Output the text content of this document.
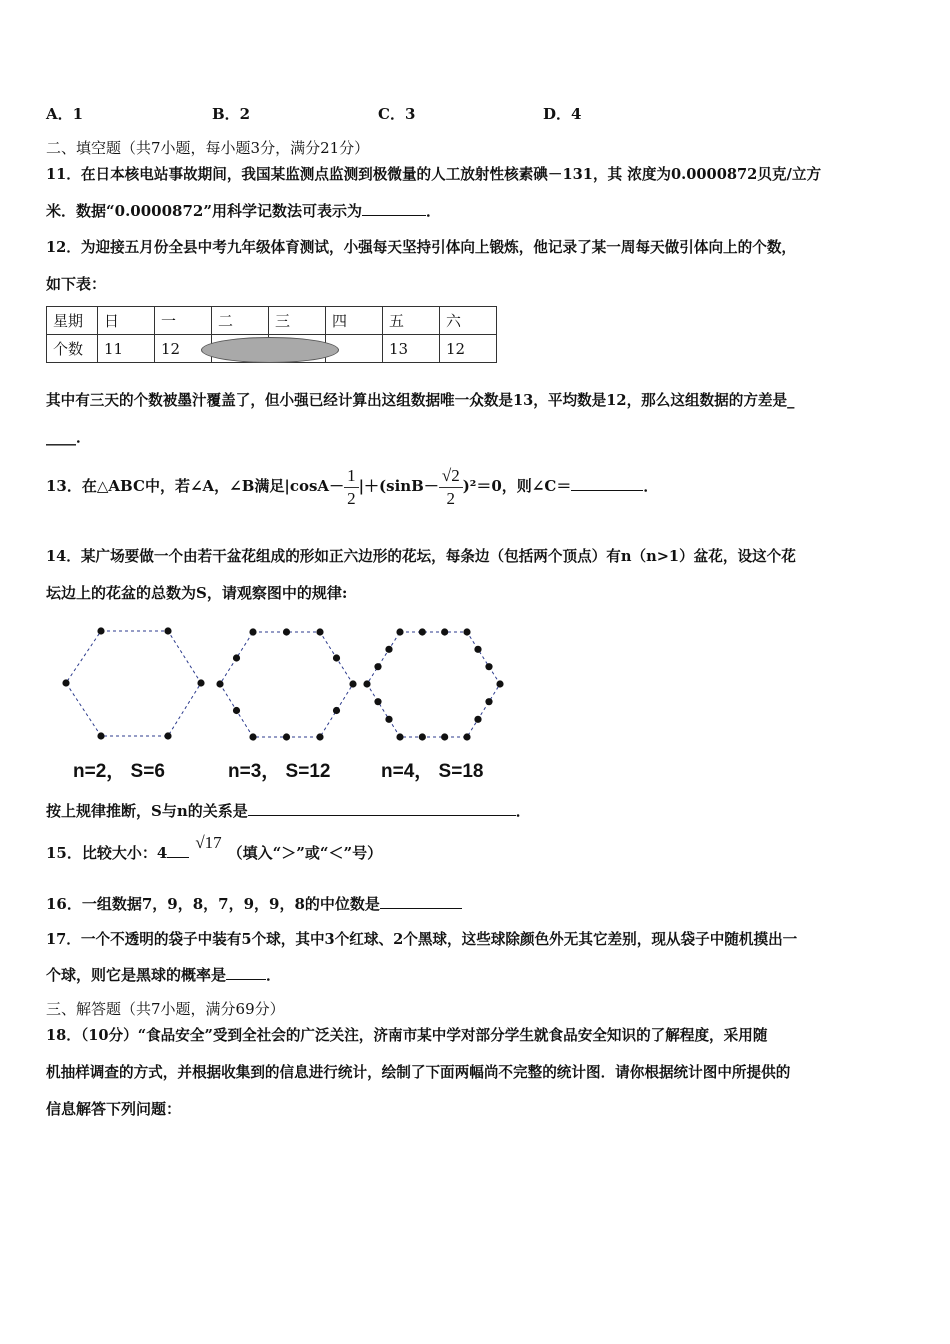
A．1	B．2	C．3	D．4
二、填空题（共7小题，每小题3分，满分21分）
11．在日本核电站事故期间，我国某监测点监测到极微量的人工放射性核素碘－131，其 浓度为0.0000872贝克/立方
米．数据“0.0000872”用科学记数法可表示为	．
12．为迎接五月份全县中考九年级体育测试，小强每天坚持引体向上锻炼，他记录了某一周每天做引体向上的个数，
如下表：
星期	日	一	二	三	四	五	六
个数	11	12				13	12
其中有三天的个数被墨汁覆盖了，但小强已经计算出这组数据唯一众数是13，平均数是12，那么这组数据的方差是_
____．
13．在△ABC中，若∠A，∠B满足$|\cos A- \frac{1}{2} |+(\sin B- \frac{√2}{2} )^2=0$，则∠C＝	．
14．某广场要做一个由若干盆花组成的形如正六边形的花坛，每条边（包括两个顶点）有n（n>1）盆花，设这个花
坛边上的花盆的总数为S，请观察图中的规律:
n=2， S=6	n=3， S=12	n=4， S=18
按上规律推断，S与n的关系是	．
15．比较大小：4√17（填入“＞”或“＜”号）
16．一组数据7，9，8，7，9，9，8的中位数是
17．一个不透明的袋子中装有5个球，其中3个红球、2个黑球，这些球除颜色外无其它差别，现从袋子中随机摸出一
个球，则它是黑球的概率是	．
三、解答题（共7小题，满分69分）
18．（10分）“食品安全”受到全社会的广泛关注，济南市某中学对部分学生就食品安全知识的了解程度，采用随
机抽样调查的方式，并根据收集到的信息进行统计，绘制了下面两幅尚不完整的统计图．请你根据统计图中所提供的
信息解答下列问题：
